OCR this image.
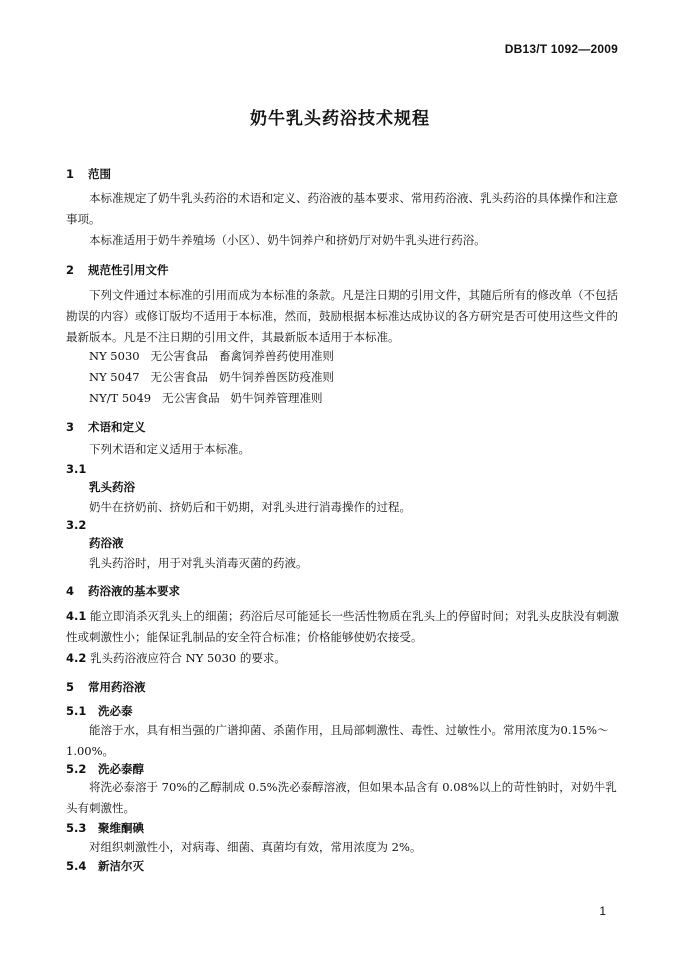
DB13/T 1092—2009
奶牛乳头药浴技术规程
1 范围
本标准规定了奶牛乳头药浴的术语和定义、药浴液的基本要求、常用药浴液、乳头药浴的具体操作和注意事项。
本标准适用于奶牛养殖场（小区）、奶牛饲养户和挤奶厅对奶牛乳头进行药浴。
2 规范性引用文件
下列文件通过本标准的引用而成为本标准的条款。凡是注日期的引用文件，其随后所有的修改单（不包括勘误的内容）或修订版均不适用于本标准，然而，鼓励根据本标准达成协议的各方研究是否可使用这些文件的最新版本。凡是不注日期的引用文件，其最新版本适用于本标准。
NY 5030   无公害食品   畜禽饲养兽药使用准则
NY 5047   无公害食品   奶牛饲养兽医防疫准则
NY/T 5049   无公害食品   奶牛饲养管理准则
3 术语和定义
下列术语和定义适用于本标准。
3.1
乳头药浴
奶牛在挤奶前、挤奶后和干奶期，对乳头进行消毒操作的过程。
3.2
药浴液
乳头药浴时，用于对乳头消毒灭菌的药液。
4 药浴液的基本要求
4.1 能立即消杀灭乳头上的细菌；药浴后尽可能延长一些活性物质在乳头上的停留时间；对乳头皮肤没有刺激性或刺激性小；能保证乳制品的安全符合标准；价格能够使奶农接受。
4.2 乳头药浴液应符合 NY 5030 的要求。
5 常用药浴液
5.1 洗必泰
能溶于水，具有相当强的广谱抑菌、杀菌作用，且局部刺激性、毒性、过敏性小。常用浓度为0.15%～1.00%。
5.2 洗必泰醇
将洗必泰溶于 70%的乙醇制成 0.5%洗必泰醇溶液，但如果本品含有 0.08%以上的苛性钠时，对奶牛乳头有刺激性。
5.3 聚维酮碘
对组织刺激性小，对病毒、细菌、真菌均有效，常用浓度为 2%。
5.4 新洁尔灭
1
